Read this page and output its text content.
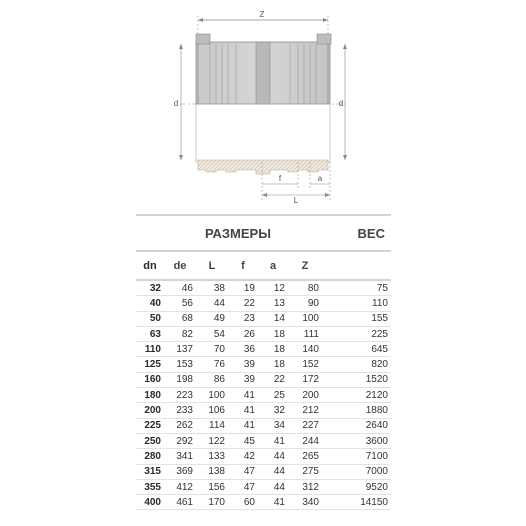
Z
d	d
f	a
L
РАЗМЕРЫ	ВЕС
dn	de	L	f	a	Z
32	46	38	19	12	80	75
40	56	44	22	13	90	110
50	68	49	23	14	100	155
63	82	54	26	18	111	225
110	137	70	36	18	140	645
125	153	76	39	18	152	820
160	198	86	39	22	172	1520
180	223	100	41	25	200	2120
200	233	106	41	32	212	1880
225	262	114	41	34	227	2640
250	292	122	45	41	244	3600
280	341	133	42	44	265	7100
315	369	138	47	44	275	7000
355	412	156	47	44	312	9520
400	461	170	60	41	340	14150
